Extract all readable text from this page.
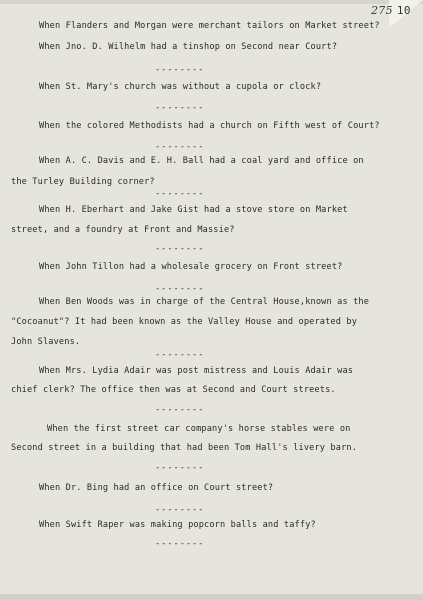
275 10
When Flanders and Morgan were merchant tailors on Market street?
When Jno. D. Wilhelm had a tinshop on Second near Court?
--------
When St. Mary's church was without a cupola or clock?
--------
When the colored Methodists had a church on Fifth west of Court?
--------
When A. C. Davis and E. H. Ball had a coal yard and office on
the Turley Building corner?
--------
When H. Eberhart and Jake Gist had a stove store on Market
street, and a foundry at Front and Massie?
--------
When John Tillon had a wholesale grocery on Front street?
--------
When Ben Woods was in charge of the Central House,known as the
"Cocoanut"? It had been known as the Valley House and operated by
John Slavens.
--------
When Mrs. Lydia Adair was post mistress and Louis Adair was
chief clerk? The office then was at Second and Court streets.
--------
When the first street car company's horse stables were on
Second street in a building that had been Tom Hall's livery barn.
--------
When Dr. Bing had an office on Court street?
--------
When Swift Raper was making popcorn balls and taffy?
--------
